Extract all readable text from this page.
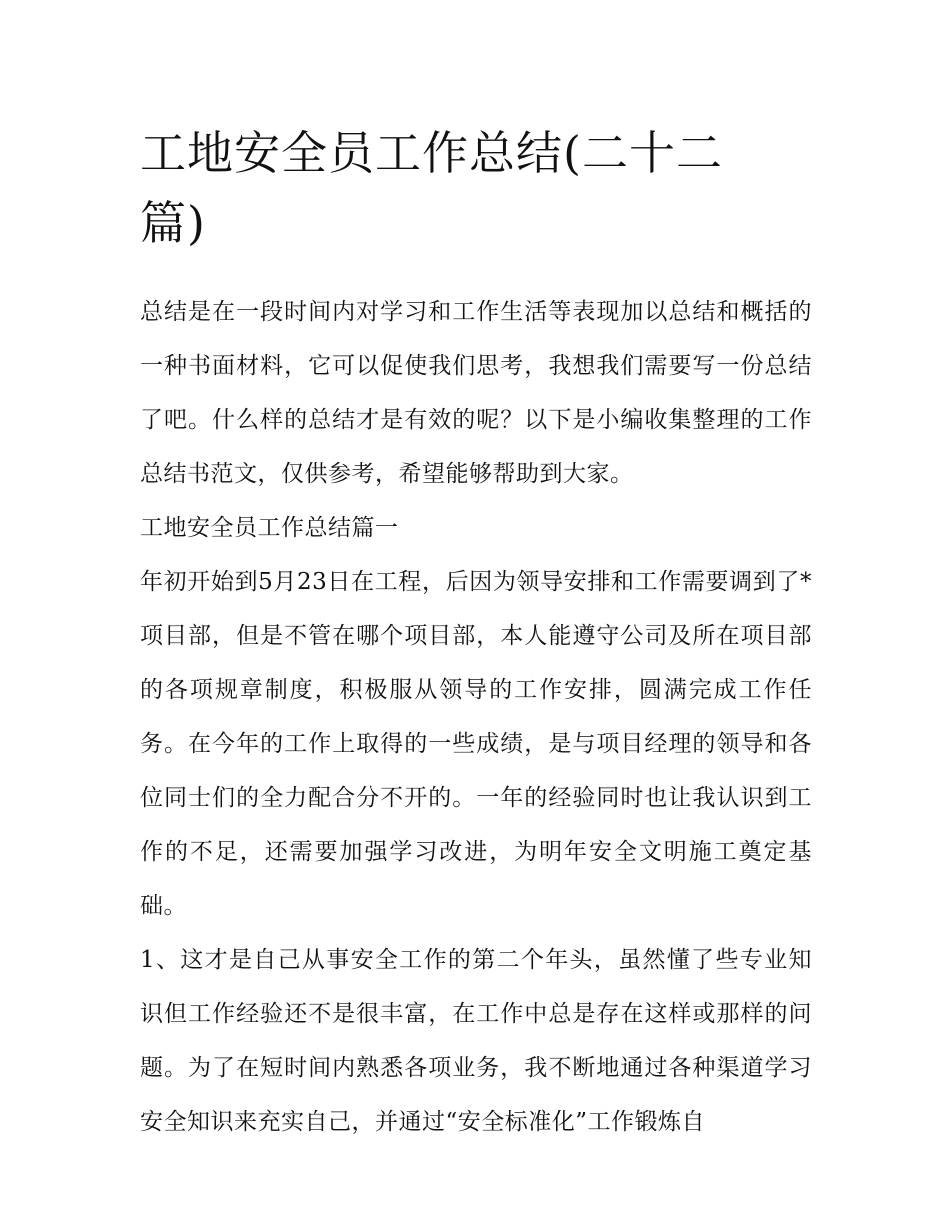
工地安全员工作总结(二十二篇)

总结是在一段时间内对学习和工作生活等表现加以总结和概括的一种书面材料，它可以促使我们思考，我想我们需要写一份总结了吧。什么样的总结才是有效的呢？以下是小编收集整理的工作总结书范文，仅供参考，希望能够帮助到大家。

工地安全员工作总结篇一

年初开始到5月23日在工程，后因为领导安排和工作需要调到了*项目部，但是不管在哪个项目部，本人能遵守公司及所在项目部的各项规章制度，积极服从领导的工作安排，圆满完成工作任务。在今年的工作上取得的一些成绩，是与项目经理的领导和各位同士们的全力配合分不开的。一年的经验同时也让我认识到工作的不足，还需要加强学习改进，为明年安全文明施工奠定基础。

1、这才是自己从事安全工作的第二个年头，虽然懂了些专业知识但工作经验还不是很丰富，在工作中总是存在这样或那样的问题。为了在短时间内熟悉各项业务，我不断地通过各种渠道学习安全知识来充实自己，并通过“安全标准化”工作锻炼自
